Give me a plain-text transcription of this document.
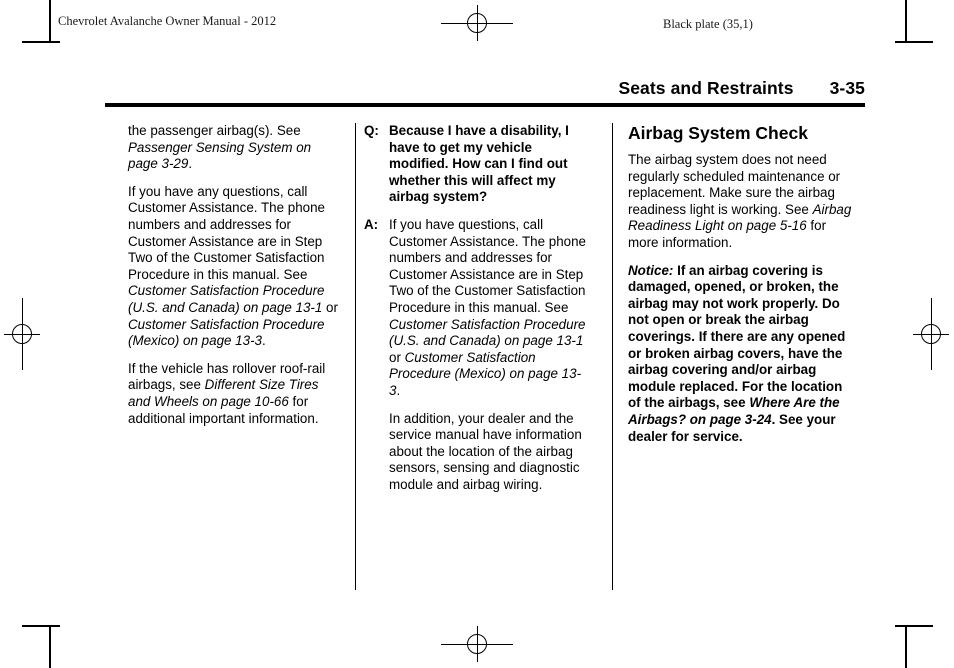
Chevrolet Avalanche Owner Manual - 2012	Black plate (35,1)
Seats and Restraints 3-35

the passenger airbag(s). See Passenger Sensing System on page 3-29.

If you have any questions, call Customer Assistance. The phone numbers and addresses for Customer Assistance are in Step Two of the Customer Satisfaction Procedure in this manual. See Customer Satisfaction Procedure (U.S. and Canada) on page 13-1 or Customer Satisfaction Procedure (Mexico) on page 13-3.

If the vehicle has rollover roof-rail airbags, see Different Size Tires and Wheels on page 10-66 for additional important information.

Q: Because I have a disability, I have to get my vehicle modified. How can I find out whether this will affect my airbag system?
A: If you have questions, call Customer Assistance. The phone numbers and addresses for Customer Assistance are in Step Two of the Customer Satisfaction Procedure in this manual. See Customer Satisfaction Procedure (U.S. and Canada) on page 13-1 or Customer Satisfaction Procedure (Mexico) on page 13-3.

In addition, your dealer and the service manual have information about the location of the airbag sensors, sensing and diagnostic module and airbag wiring.

Airbag System Check

The airbag system does not need regularly scheduled maintenance or replacement. Make sure the airbag readiness light is working. See Airbag Readiness Light on page 5-16 for more information.

Notice: If an airbag covering is damaged, opened, or broken, the airbag may not work properly. Do not open or break the airbag coverings. If there are any opened or broken airbag covers, have the airbag covering and/or airbag module replaced. For the location of the airbags, see Where Are the Airbags? on page 3-24. See your dealer for service.
